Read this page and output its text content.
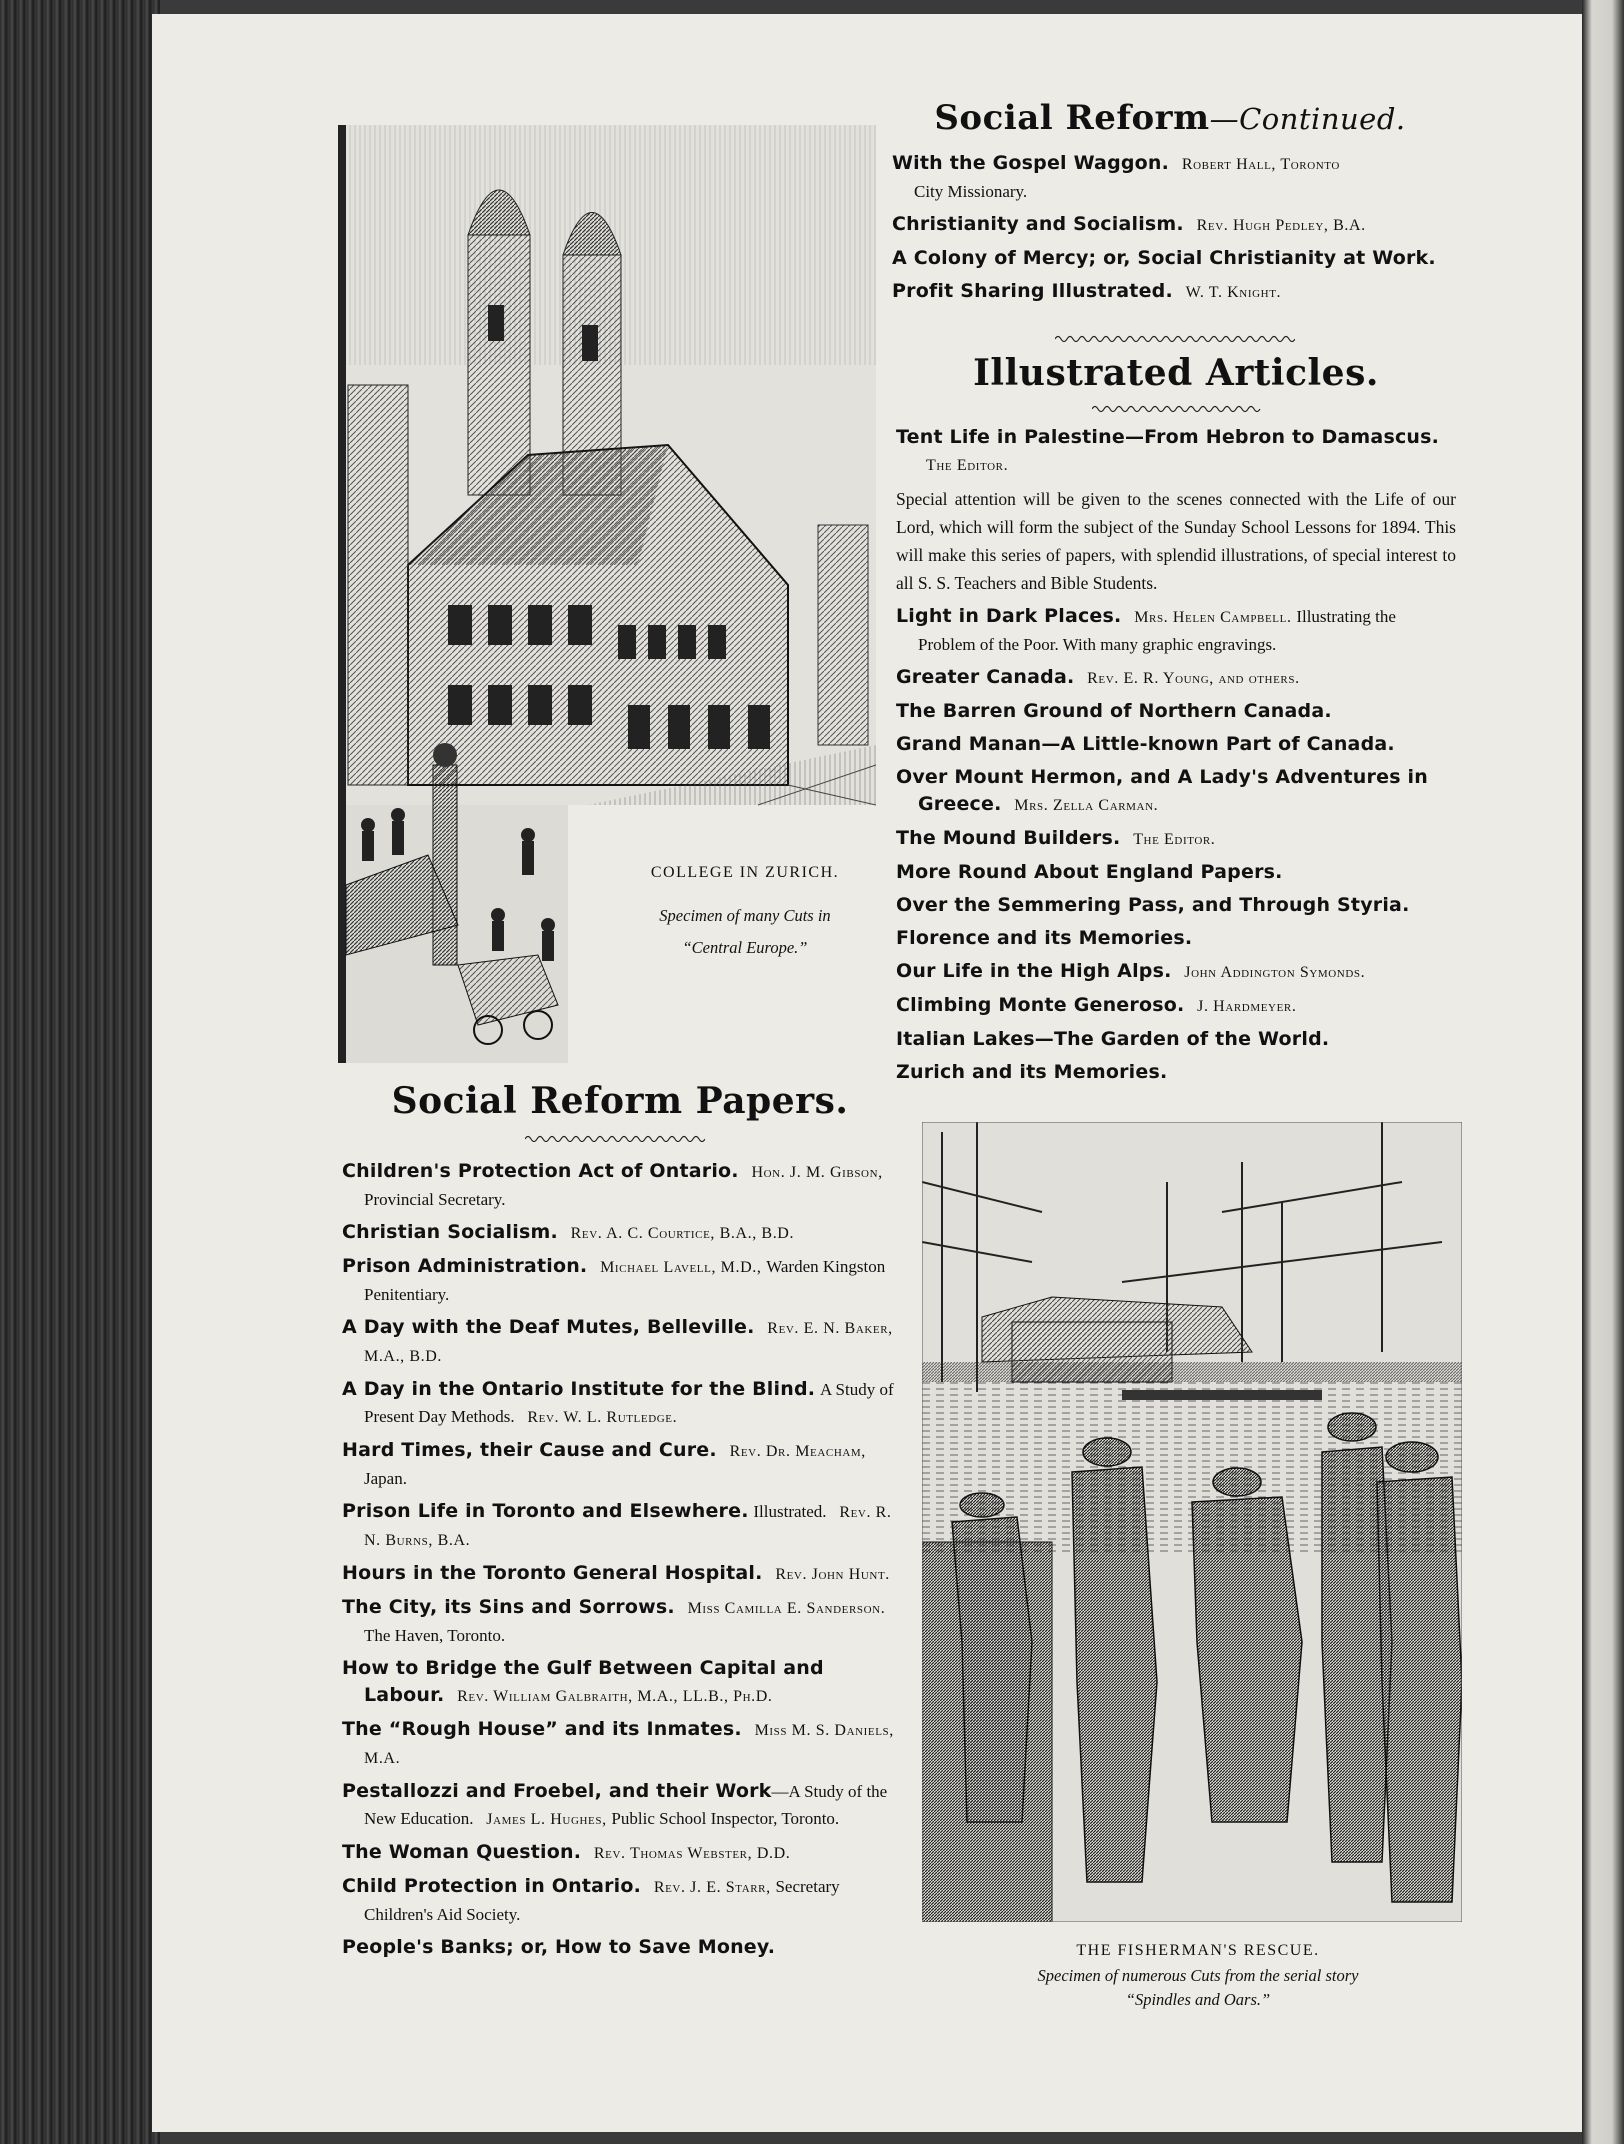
COLLEGE IN ZURICH.
Specimen of many Cuts in
“Central Europe.”
Social Reform—Continued.
With the Gospel Waggon. Robert Hall, Toronto
City Missionary.
Christianity and Socialism. Rev. Hugh Pedley, B.A.
A Colony of Mercy; or, Social Christianity at Work.
Profit Sharing Illustrated. W. T. Knight.
Illustrated Articles.
Tent Life in Palestine—From Hebron to Damascus. The Editor.
Special attention will be given to the scenes connected with the Life of our Lord, which will form the subject of the Sunday School Lessons for 1894. This will make this series of papers, with splendid illustrations, of special interest to all S. S. Teachers and Bible Students.
Light in Dark Places. Mrs. Helen Campbell. Illustrating the Problem of the Poor. With many graphic engravings.
Greater Canada. Rev. E. R. Young, and others.
The Barren Ground of Northern Canada.
Grand Manan—A Little-known Part of Canada.
Over Mount Hermon, and A Lady's Adventures in Greece. Mrs. Zella Carman.
The Mound Builders. The Editor.
More Round About England Papers.
Over the Semmering Pass, and Through Styria.
Florence and its Memories.
Our Life in the High Alps. John Addington Symonds.
Climbing Monte Generoso. J. Hardmeyer.
Italian Lakes—The Garden of the World.
Zurich and its Memories.
Social Reform Papers.
Children's Protection Act of Ontario. Hon. J. M. Gibson, Provincial Secretary.
Christian Socialism. Rev. A. C. Courtice, B.A., B.D.
Prison Administration. Michael Lavell, M.D., Warden Kingston Penitentiary.
A Day with the Deaf Mutes, Belleville. Rev. E. N. Baker, M.A., B.D.
A Day in the Ontario Institute for the Blind. A Study of Present Day Methods. Rev. W. L. Rutledge.
Hard Times, their Cause and Cure. Rev. Dr. Meacham, Japan.
Prison Life in Toronto and Elsewhere. Illustrated. Rev. R. N. Burns, B.A.
Hours in the Toronto General Hospital. Rev. John Hunt.
The City, its Sins and Sorrows. Miss Camilla E. Sanderson. The Haven, Toronto.
How to Bridge the Gulf Between Capital and Labour. Rev. William Galbraith, M.A., LL.B., Ph.D.
The “Rough House” and its Inmates. Miss M. S. Daniels, M.A.
Pestallozzi and Froebel, and their Work—A Study of the New Education. James L. Hughes, Public School Inspector, Toronto.
The Woman Question. Rev. Thomas Webster, D.D.
Child Protection in Ontario. Rev. J. E. Starr, Secretary Children's Aid Society.
People's Banks; or, How to Save Money.	THE FISHERMAN'S RESCUE.
Specimen of numerous Cuts from the serial story
“Spindles and Oars.”
